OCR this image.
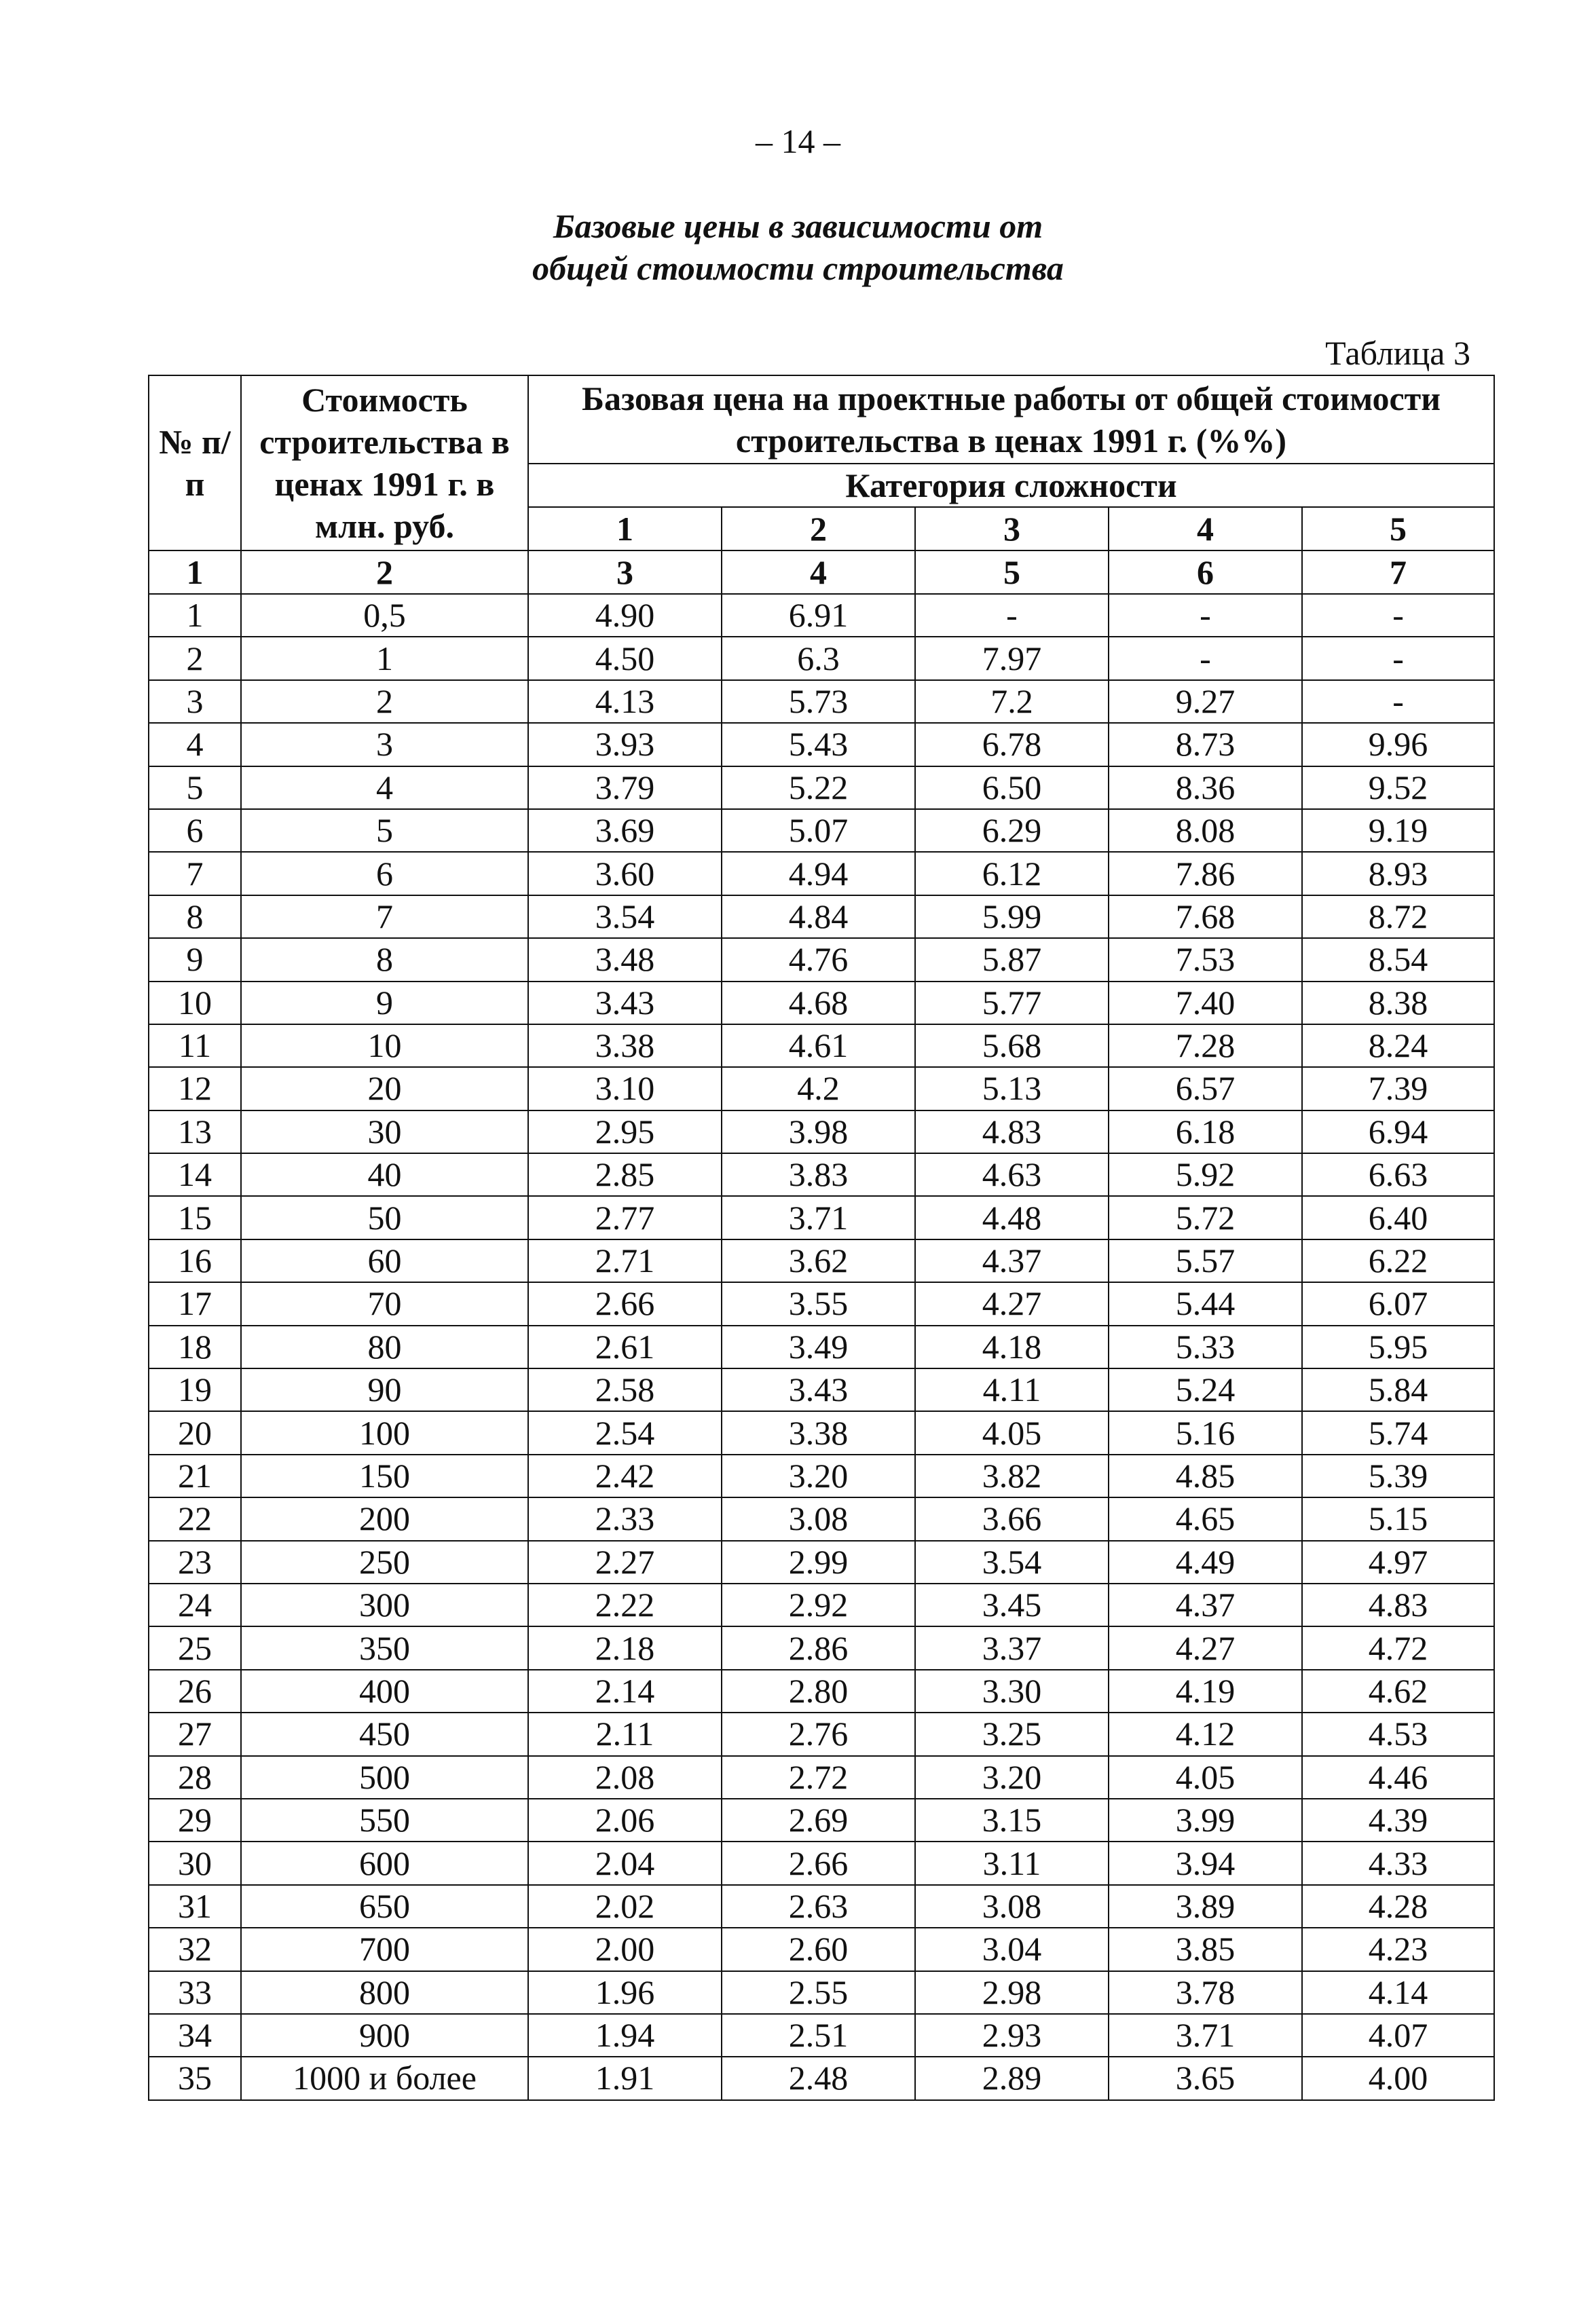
– 14 –
Базовые цены в зависимости от
общей стоимости строительства
Таблица 3
№ п/п	Стоимость строительства в ценах 1991 г. в млн. руб.	Базовая цена на проектные работы от общей стоимости строительства в ценах 1991 г. (%%)				
		Категория сложности				
		1	2	3	4	5
1	2	3	4	5	6	7
1	0,5	4.90	6.91	-	-	-
2	1	4.50	6.3	7.97	-	-
3	2	4.13	5.73	7.2	9.27	-
4	3	3.93	5.43	6.78	8.73	9.96
5	4	3.79	5.22	6.50	8.36	9.52
6	5	3.69	5.07	6.29	8.08	9.19
7	6	3.60	4.94	6.12	7.86	8.93
8	7	3.54	4.84	5.99	7.68	8.72
9	8	3.48	4.76	5.87	7.53	8.54
10	9	3.43	4.68	5.77	7.40	8.38
11	10	3.38	4.61	5.68	7.28	8.24
12	20	3.10	4.2	5.13	6.57	7.39
13	30	2.95	3.98	4.83	6.18	6.94
14	40	2.85	3.83	4.63	5.92	6.63
15	50	2.77	3.71	4.48	5.72	6.40
16	60	2.71	3.62	4.37	5.57	6.22
17	70	2.66	3.55	4.27	5.44	6.07
18	80	2.61	3.49	4.18	5.33	5.95
19	90	2.58	3.43	4.11	5.24	5.84
20	100	2.54	3.38	4.05	5.16	5.74
21	150	2.42	3.20	3.82	4.85	5.39
22	200	2.33	3.08	3.66	4.65	5.15
23	250	2.27	2.99	3.54	4.49	4.97
24	300	2.22	2.92	3.45	4.37	4.83
25	350	2.18	2.86	3.37	4.27	4.72
26	400	2.14	2.80	3.30	4.19	4.62
27	450	2.11	2.76	3.25	4.12	4.53
28	500	2.08	2.72	3.20	4.05	4.46
29	550	2.06	2.69	3.15	3.99	4.39
30	600	2.04	2.66	3.11	3.94	4.33
31	650	2.02	2.63	3.08	3.89	4.28
32	700	2.00	2.60	3.04	3.85	4.23
33	800	1.96	2.55	2.98	3.78	4.14
34	900	1.94	2.51	2.93	3.71	4.07
35	1000 и более	1.91	2.48	2.89	3.65	4.00
